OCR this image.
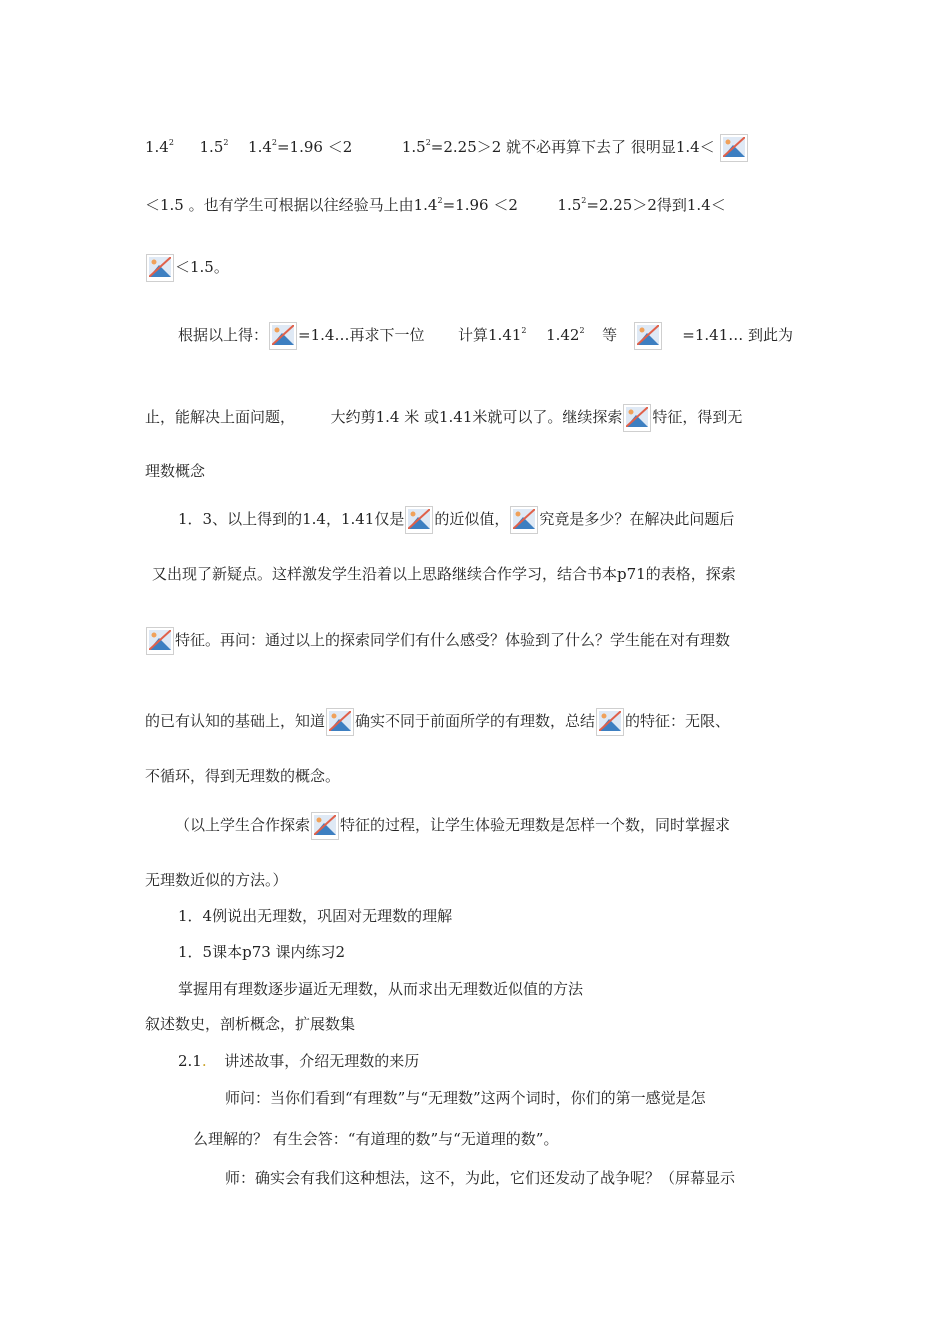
$1.4^2$ $1.5^2$ $1.4^2=1.96 <2$	$1.5^2=2.25>2$ 就不必再算下去了 很明显1.4＜
＜1.5 。也有学生可根据以往经验马上由$1.4^2=1.96 <2$	$1.5^2=2.25>2$得到1.4＜
＜1.5。
根据以上得： =1.4…再求下一位 计算1.41$^2$ 1.42$^2$ 等	=1.41… 到此为
止，能解决上面问题， 大约剪1.4 米 或1.41米就可以了。继续探索 特征，得到无
理数概念
1．3、以上得到的1.4，1.41仅是 的近似值， 究竟是多少？在解决此问题后
又出现了新疑点。这样激发学生沿着以上思路继续合作学习，结合书本p71的表格，探索
特征。再问：通过以上的探索同学们有什么感受？体验到了什么？学生能在对有理数
的已有认知的基础上，知道 确实不同于前面所学的有理数，总结 的特征：无限、
不循环，得到无理数的概念。
（以上学生合作探索 特征的过程，让学生体验无理数是怎样一个数，同时掌握求
无理数近似的方法。）
1．4例说出无理数，巩固对无理数的理解
1．5课本p73 课内练习2
掌握用有理数逐步逼近无理数，从而求出无理数近似值的方法
叙述数史，剖析概念，扩展数集
2.1. 讲述故事，介绍无理数的来历
师问：当你们看到“有理数”与“无理数”这两个词时，你们的第一感觉是怎
么理解的？ 有生会答：“有道理的数”与“无道理的数”。
师：确实会有我们这种想法，这不，为此，它们还发动了战争呢？（屏幕显示
